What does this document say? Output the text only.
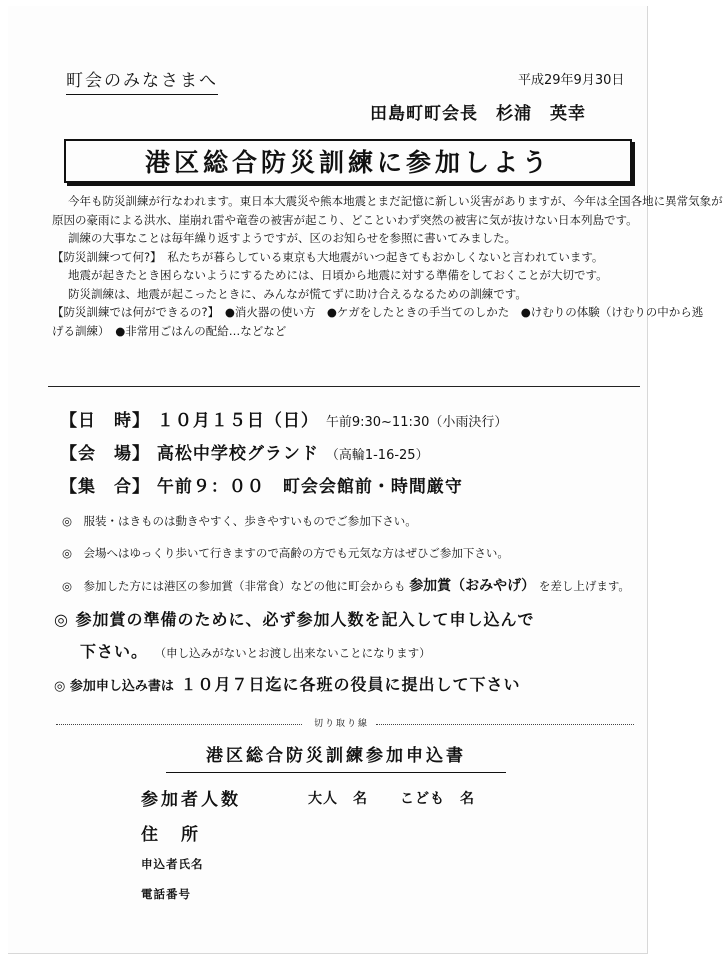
町会のみなさまへ	平成29年9月30日
田島町町会長　杉浦　英幸
港区総合防災訓練に参加しよう

今年も防災訓練が行なわれます。東日本大震災や熊本地震とまだ記憶に新しい災害がありますが、今年は全国各地に異常気象が

原因の豪雨による洪水、崖崩れ雷や竜巻の被害が起こり、どこといわず突然の被害に気が抜けない日本列島です。

訓練の大事なことは毎年繰り返すようですが、区のお知らせを参照に書いてみました。

【防災訓練つて何?】　私たちが暮らしている東京も大地震がいつ起きてもおかしくないと言われています。

地震が起きたとき困らないようにするためには、日頃から地震に対する準備をしておくことが大切です。

防災訓練は、地震が起こったときに、みんなが慌てずに助け合えるなるための訓練です。

【防災訓練では何ができるの?】　●消火器の使い方　●ケガをしたときの手当てのしかた　●けむりの体験（けむりの中から逃

げる訓練）　●非常用ごはんの配給…などなど

【日　時】 １０月１５日（日） 午前9:30~11:30（小雨決行）
【会　場】 高松中学校グランド （高輪1-16-25）
【集　合】 午前９：００　町会会館前・時間厳守
◎　服装・はきものは動きやすく、歩きやすいものでご参加下さい。
◎　会場へはゆっくり歩いて行きますので高齢の方でも元気な方はぜひご参加下さい。
◎　参加した方には港区の参加賞（非常食）などの他に町会からも 参加賞（おみやげ） を差し上げます。
◎ 参加賞の準備のために、必ず参加人数を記入して申し込んで
下さい。 （申し込みがないとお渡し出来ないことになります）
◎ 参加申し込み書は １０月７日迄に各班の役員に提出して下さい
切り取り線
港区総合防災訓練参加申込書
参加者人数	大人　名 こども　名
住　所
申込者氏名
電話番号
